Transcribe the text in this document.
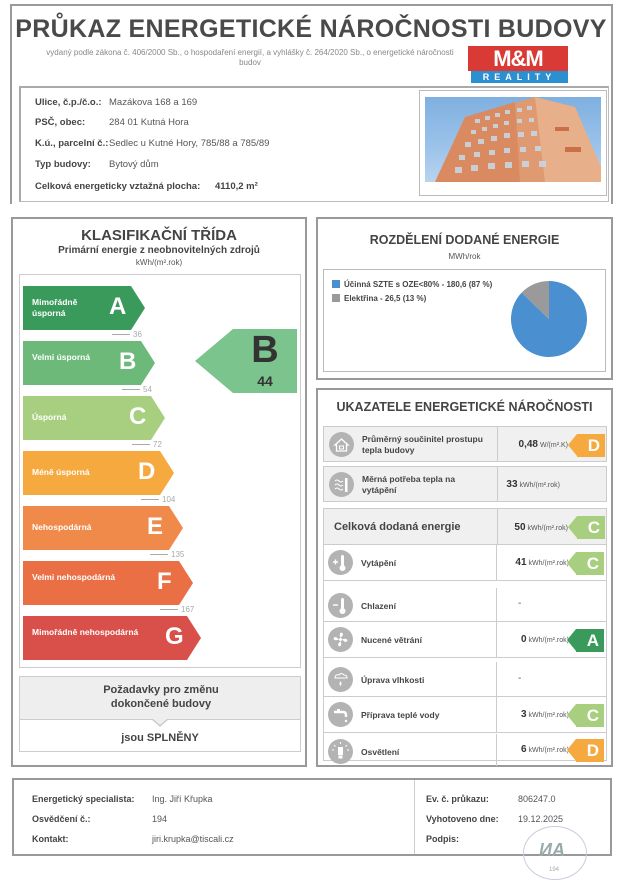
PRŮKAZ ENERGETICKÉ NÁROČNOSTI BUDOVY
vydaný podle zákona č. 406/2000 Sb., o hospodaření energií, a vyhlášky č. 264/2020 Sb., o energetické náročnosti budov	M&M
REALITY
Ulice, č.p./č.o.: Mazákova 168 a 169
PSČ, obec:	284 01 Kutná Hora
K.ú., parcelní č.: Sedlec u Kutné Hory, 785/88 a 785/89
Typ budovy: Bytový dům
Celková energeticky vztažná plocha: 4110,2 m²
KLASIFIKAČNÍ TŘÍDA
Primární energie z neobnovitelných zdrojů
kWh/(m².rok)
Mimořádně úsporná	A
Velmi úsporná	B
Úsporná	C
Méně úsporná	D
Nehospodárná	E
Velmi nehospodárná	F
Mimořádně nehospodárná	G
36
54
72
104
135
167
Požadavky pro změnu dokončené budovy
jsou SPLNĚNY
B
44
ROZDĚLENÍ DODANÉ ENERGIE
MWh/rok
Účinná SZTE s OZE<80% - 180,6 (87 %)
Elektřina - 26,5 (13 %)
UKAZATELE ENERGETICKÉ NÁROČNOSTI
Průměrný součinitel prostupu tepla budovy	0,48 W/(m².K)	D
Měrná potřeba tepla na vytápění	33 kWh/(m².rok)
Celková dodaná energie	50 kWh/(m².rok)	C
Vytápění	41 kWh/(m².rok)	C
Chlazení	-
Nucené větrání	0 kWh/(m².rok)	A
Úprava vlhkosti	-
Příprava teplé vody	3 kWh/(m².rok)	C
Osvětlení	6 kWh/(m².rok)	D
Energetický specialista: Ing. Jiří Křupka
Osvědčení č.:	194
Kontakt:	jiri.krupka@tiscali.cz
Ev. č. průkazu:	806247.0
Vyhotoveno dne: 19.12.2025
Podpis:
ИА
194
